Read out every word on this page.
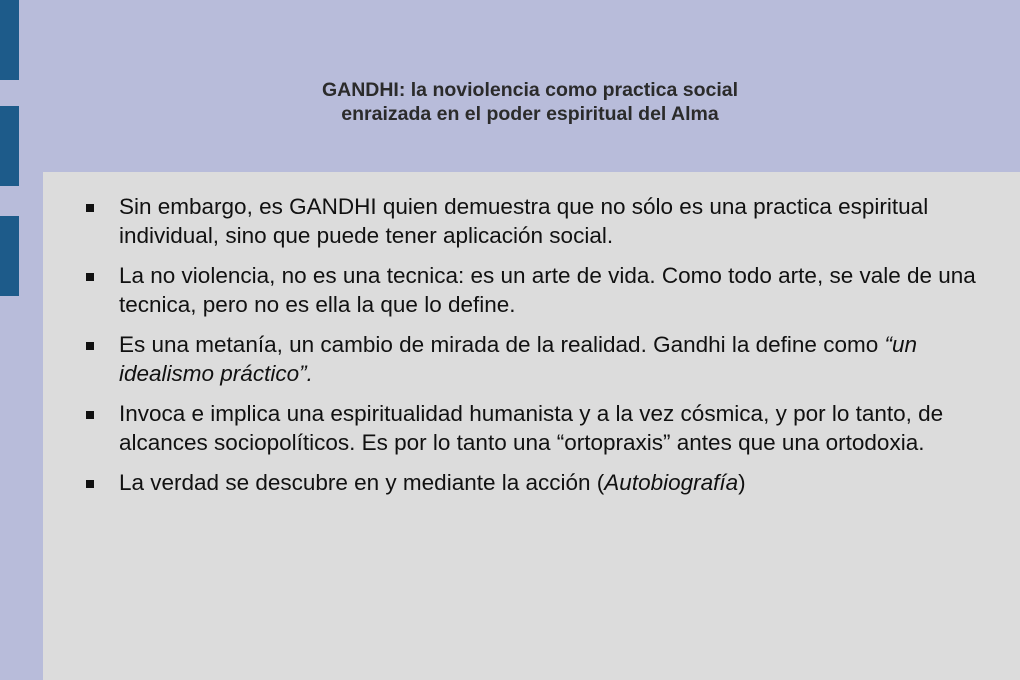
GANDHI: la noviolencia como practica social
enraizada en el poder espiritual del Alma
Sin embargo, es GANDHI quien demuestra que no sólo es una practica espiritual individual, sino que puede tener aplicación social.
La no violencia, no es una tecnica: es un arte de vida. Como todo arte, se vale de una tecnica, pero no es ella la que lo define.
Es una metanía, un cambio de mirada de la realidad. Gandhi la define como “un idealismo práctico”.
Invoca e implica una espiritualidad humanista y a la vez cósmica, y por lo tanto, de alcances sociopolíticos. Es por lo tanto una “ortopraxis” antes que una ortodoxia.
La verdad se descubre en y mediante la acción (Autobiografía)
